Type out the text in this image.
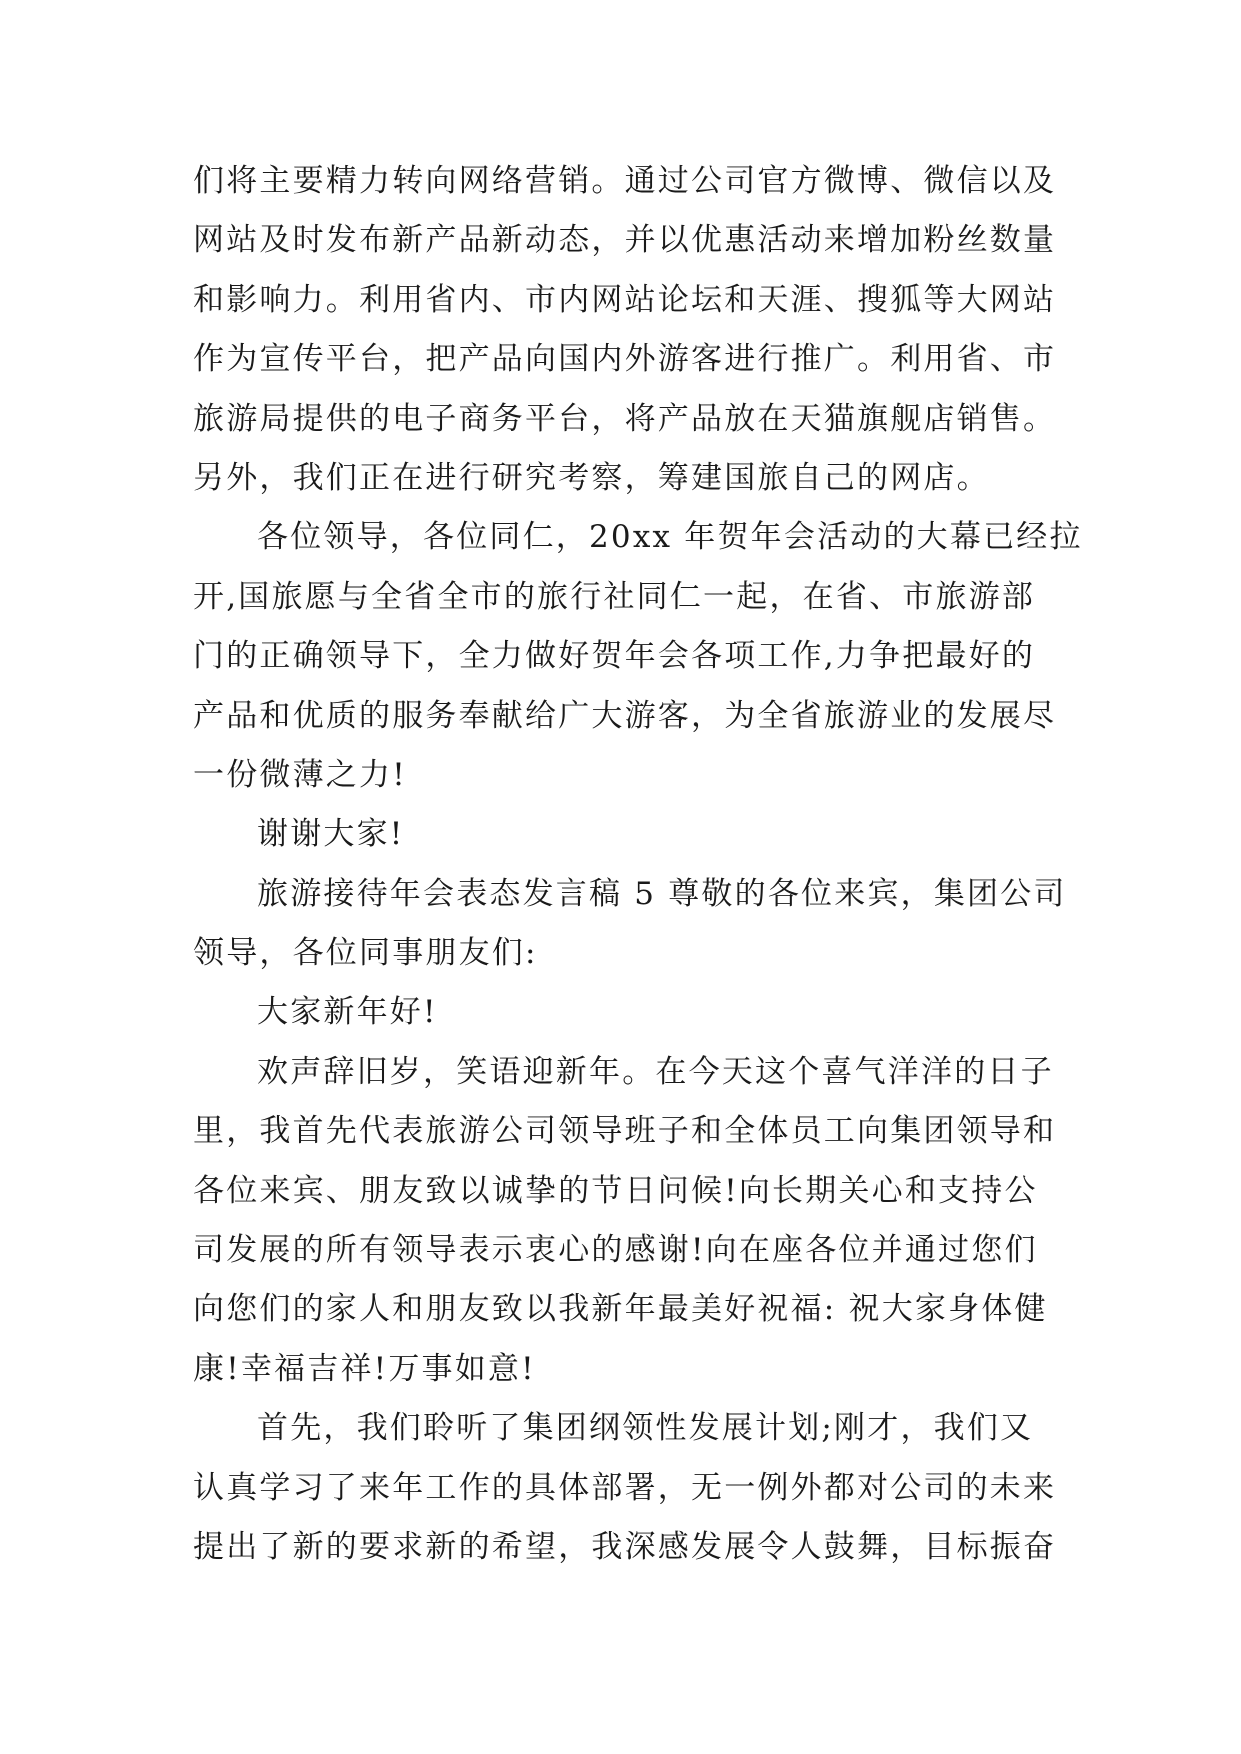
们将主要精力转向网络营销。通过公司官方微博、微信以及
网站及时发布新产品新动态，并以优惠活动来增加粉丝数量
和影响力。利用省内、市内网站论坛和天涯、搜狐等大网站
作为宣传平台，把产品向国内外游客进行推广。利用省、市
旅游局提供的电子商务平台，将产品放在天猫旗舰店销售。
另外，我们正在进行研究考察，筹建国旅自己的网店。
各位领导，各位同仁，20xx 年贺年会活动的大幕已经拉
开,国旅愿与全省全市的旅行社同仁一起，在省、市旅游部
门的正确领导下，全力做好贺年会各项工作,力争把最好的
产品和优质的服务奉献给广大游客，为全省旅游业的发展尽
一份微薄之力!
谢谢大家!
旅游接待年会表态发言稿 5 尊敬的各位来宾，集团公司
领导，各位同事朋友们:
大家新年好!
欢声辞旧岁，笑语迎新年。在今天这个喜气洋洋的日子
里，我首先代表旅游公司领导班子和全体员工向集团领导和
各位来宾、朋友致以诚挚的节日问候!向长期关心和支持公
司发展的所有领导表示衷心的感谢!向在座各位并通过您们
向您们的家人和朋友致以我新年最美好祝福: 祝大家身体健
康!幸福吉祥!万事如意!
首先，我们聆听了集团纲领性发展计划;刚才，我们又
认真学习了来年工作的具体部署，无一例外都对公司的未来
提出了新的要求新的希望，我深感发展令人鼓舞，目标振奋
